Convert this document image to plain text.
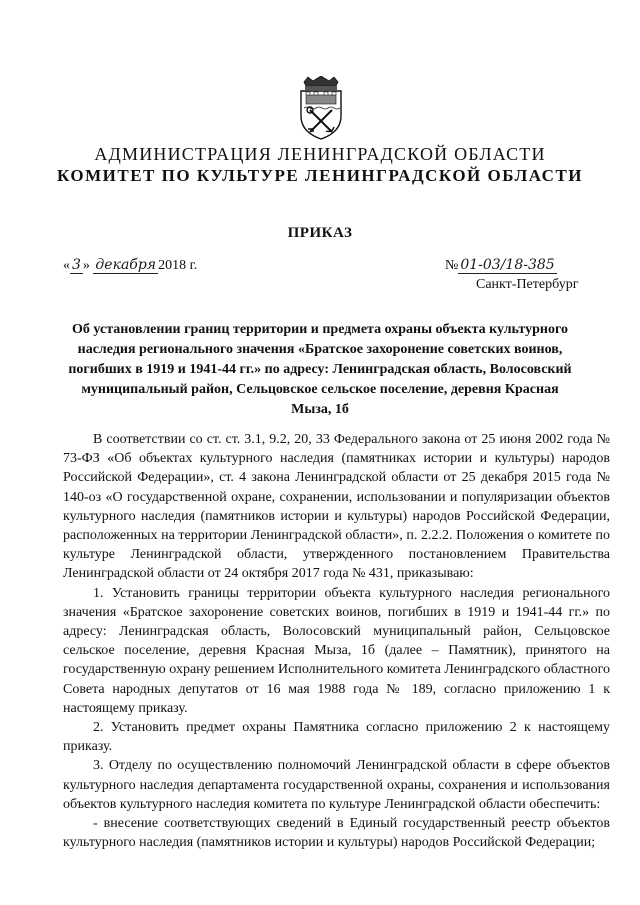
АДМИНИСТРАЦИЯ ЛЕНИНГРАДСКОЙ ОБЛАСТИ
КОМИТЕТ ПО КУЛЬТУРЕ ЛЕНИНГРАДСКОЙ ОБЛАСТИ
ПРИКАЗ
« 3 » декабря 2018 г.	№ 01-03/18-385
Санкт-Петербург
Об установлении границ территории и предмета охраны объекта культурного наследия регионального значения «Братское захоронение советских воинов, погибших в 1919 и 1941-44 гг.» по адресу: Ленинградская область, Волосовский муниципальный район, Сельцовское сельское поселение, деревня Красная Мыза, 1б

В соответствии со ст. ст. 3.1, 9.2, 20, 33 Федерального закона от 25 июня 2002 года № 73-ФЗ «Об объектах культурного наследия (памятниках истории и культуры) народов Российской Федерации», ст. 4 закона Ленинградской области от 25 декабря 2015 года № 140-оз «О государственной охране, сохранении, использовании и популяризации объектов культурного наследия (памятников истории и культуры) народов Российской Федерации, расположенных на территории Ленинградской области», п. 2.2.2. Положения о комитете по культуре Ленинградской области, утвержденного постановлением Правительства Ленинградской области от 24 октября 2017 года № 431, приказываю:

1. Установить границы территории объекта культурного наследия регионального значения «Братское захоронение советских воинов, погибших в 1919 и 1941-44 гг.» по адресу: Ленинградская область, Волосовский муниципальный район, Сельцовское сельское поселение, деревня Красная Мыза, 1б (далее – Памятник), принятого на государственную охрану решением Исполнительного комитета Ленинградского областного Совета народных депутатов от 16 мая 1988 года № 189, согласно приложению 1 к настоящему приказу.

2. Установить предмет охраны Памятника согласно приложению 2 к настоящему приказу.

3. Отделу по осуществлению полномочий Ленинградской области в сфере объектов культурного наследия департамента государственной охраны, сохранения и использования объектов культурного наследия комитета по культуре Ленинградской области обеспечить:

- внесение соответствующих сведений в Единый государственный реестр объектов культурного наследия (памятников истории и культуры) народов Российской Федерации;
